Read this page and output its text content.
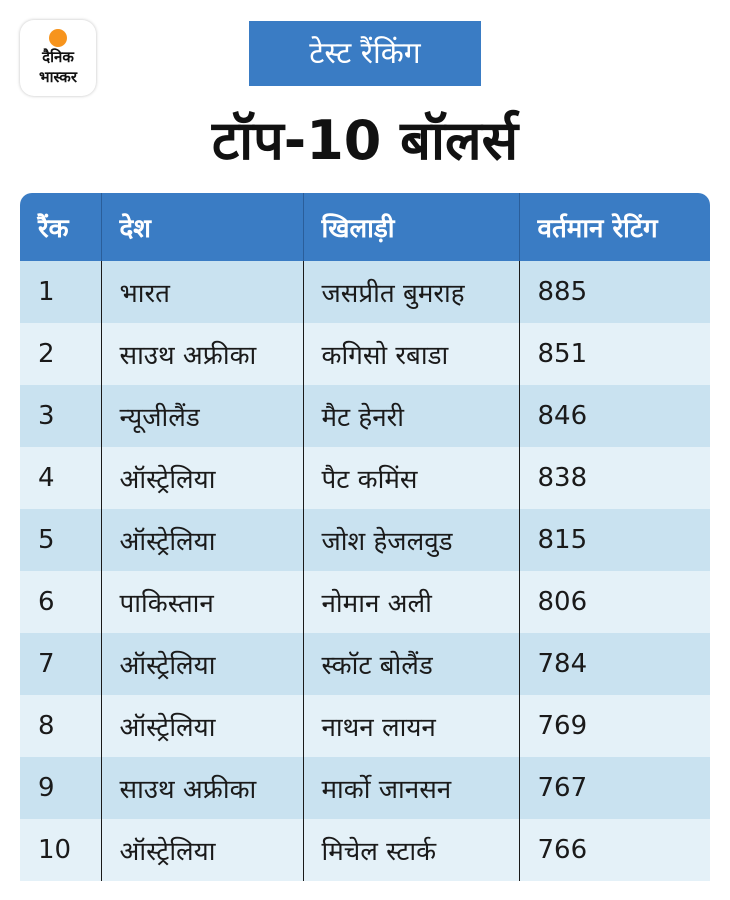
दैनिक
भास्कर
टेस्ट रैंकिंग
टॉप-10 बॉलर्स
रैंक	देश	खिलाड़ी	वर्तमान रेटिंग
1	भारत	जसप्रीत बुमराह	885
2	साउथ अफ्रीका	कगिसो रबाडा	851
3	न्यूजीलैंड	मैट हेनरी	846
4	ऑस्ट्रेलिया	पैट कमिंस	838
5	ऑस्ट्रेलिया	जोश हेजलवुड	815
6	पाकिस्तान	नोमान अली	806
7	ऑस्ट्रेलिया	स्कॉट बोलैंड	784
8	ऑस्ट्रेलिया	नाथन लायन	769
9	साउथ अफ्रीका	मार्को जानसन	767
10	ऑस्ट्रेलिया	मिचेल स्टार्क	766
